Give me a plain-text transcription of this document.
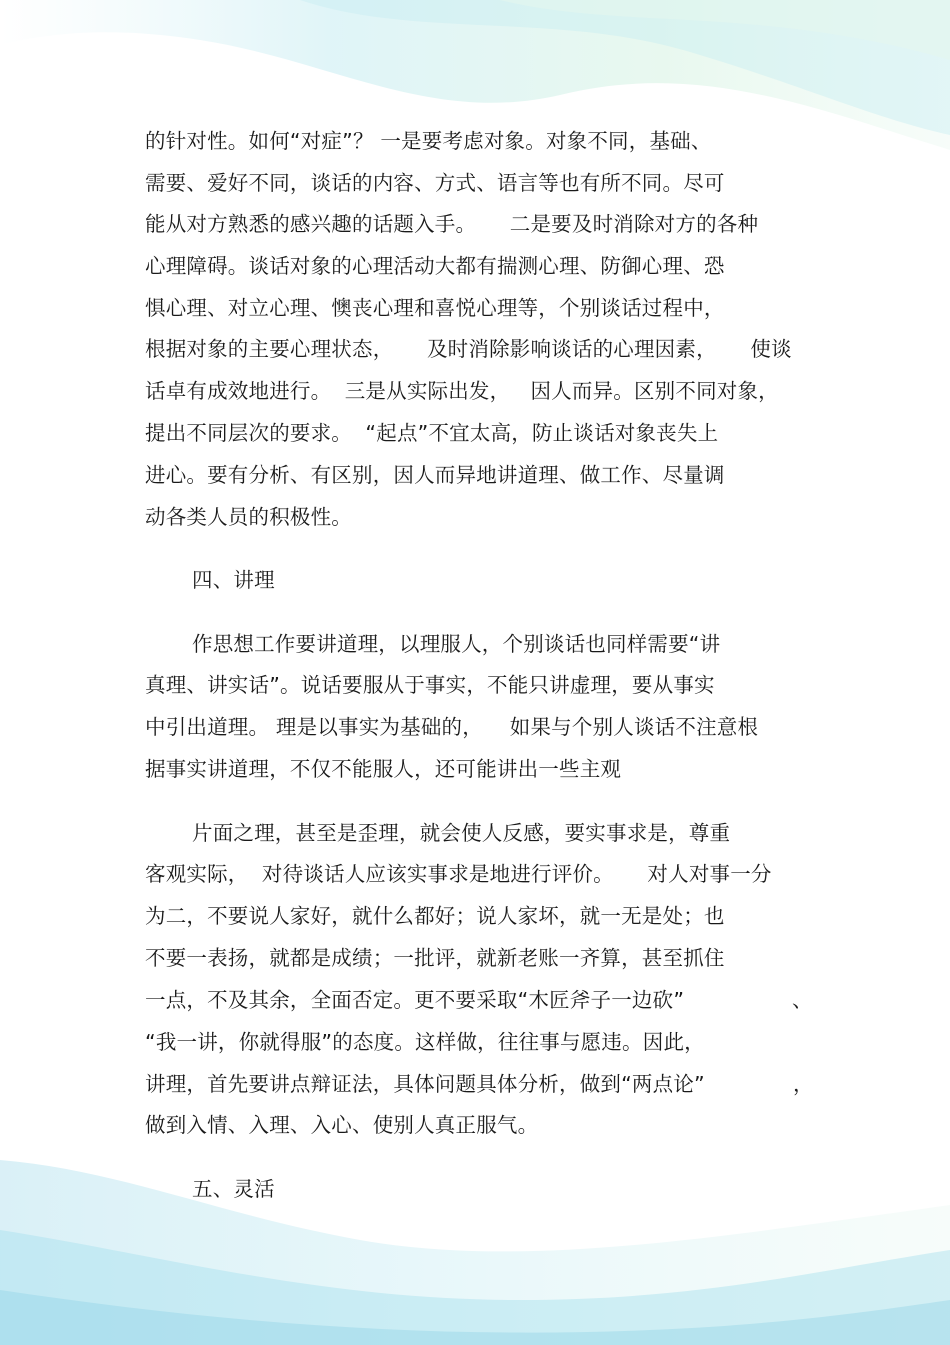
的针对性。如何“对症”？ 一是要考虑对象。对象不同，基础、
需要、爱好不同，谈话的内容、方式、语言等也有所不同。尽可
能从对方熟悉的感兴趣的话题入手。     二是要及时消除对方的各种
心理障碍。谈话对象的心理活动大都有揣测心理、防御心理、恐
惧心理、对立心理、懊丧心理和喜悦心理等，个别谈话过程中，
根据对象的主要心理状态，     及时消除影响谈话的心理因素，     使谈
话卓有成效地进行。  三是从实际出发，   因人而异。区别不同对象，
提出不同层次的要求。  “起点”不宜太高，防止谈话对象丧失上
进心。要有分析、有区别，因人而异地讲道理、做工作、尽量调
动各类人员的积极性。
四、讲理
作思想工作要讲道理，以理服人，个别谈话也同样需要“讲
真理、讲实话”。说话要服从于事实，不能只讲虚理，要从事实
中引出道理。 理是以事实为基础的，    如果与个别人谈话不注意根
据事实讲道理，不仅不能服人，还可能讲出一些主观
片面之理，甚至是歪理，就会使人反感，要实事求是，尊重
客观实际，  对待谈话人应该实事求是地进行评价。     对人对事一分
为二，不要说人家好，就什么都好；说人家坏，就一无是处；也
不要一表扬，就都是成绩；一批评，就新老账一齐算，甚至抓住
一点，不及其余，全面否定。更不要采取“木匠斧子一边砍”	、
“我一讲，你就得服”的态度。这样做，往往事与愿违。因此，
讲理，首先要讲点辩证法，具体问题具体分析，做到“两点论”	，
做到入情、入理、入心、使别人真正服气。
五、灵活
